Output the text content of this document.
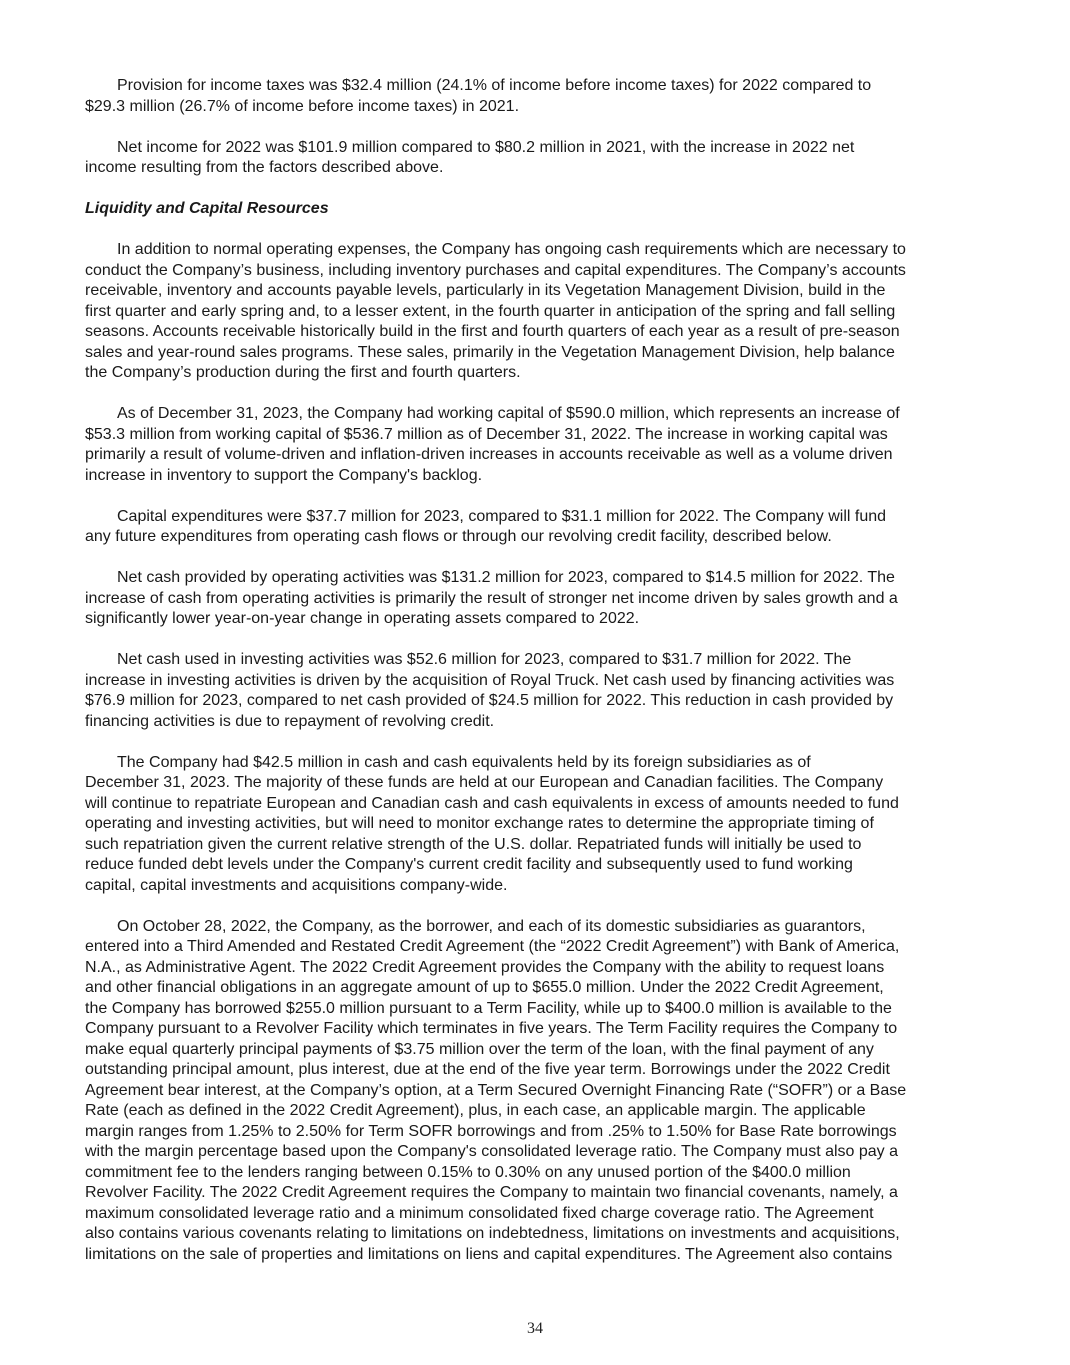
Provision for income taxes was $32.4 million (24.1% of income before income taxes) for 2022 compared to
$29.3 million (26.7% of income before income taxes) in 2021.
Net income for 2022 was $101.9 million compared to $80.2 million in 2021, with the increase in 2022 net
income resulting from the factors described above.
Liquidity and Capital Resources
In addition to normal operating expenses, the Company has ongoing cash requirements which are necessary to
conduct the Company’s business, including inventory purchases and capital expenditures. The Company’s accounts
receivable, inventory and accounts payable levels, particularly in its Vegetation Management Division, build in the
first quarter and early spring and, to a lesser extent, in the fourth quarter in anticipation of the spring and fall selling
seasons. Accounts receivable historically build in the first and fourth quarters of each year as a result of pre-season
sales and year-round sales programs. These sales, primarily in the Vegetation Management Division, help balance
the Company’s production during the first and fourth quarters.
As of December 31, 2023, the Company had working capital of $590.0 million, which represents an increase of
$53.3 million from working capital of $536.7 million as of December 31, 2022. The increase in working capital was
primarily a result of volume-driven and inflation-driven increases in accounts receivable as well as a volume driven
increase in inventory to support the Company's backlog.
Capital expenditures were $37.7 million for 2023, compared to $31.1 million for 2022. The Company will fund
any future expenditures from operating cash flows or through our revolving credit facility, described below.
Net cash provided by operating activities was $131.2 million for 2023, compared to $14.5 million for 2022. The
increase of cash from operating activities is primarily the result of stronger net income driven by sales growth and a
significantly lower year-on-year change in operating assets compared to 2022.
Net cash used in investing activities was $52.6 million for 2023, compared to $31.7 million for 2022. The
increase in investing activities is driven by the acquisition of Royal Truck. Net cash used by financing activities was
$76.9 million for 2023, compared to net cash provided of $24.5 million for 2022. This reduction in cash provided by
financing activities is due to repayment of revolving credit.
The Company had $42.5 million in cash and cash equivalents held by its foreign subsidiaries as of
December 31, 2023. The majority of these funds are held at our European and Canadian facilities. The Company
will continue to repatriate European and Canadian cash and cash equivalents in excess of amounts needed to fund
operating and investing activities, but will need to monitor exchange rates to determine the appropriate timing of
such repatriation given the current relative strength of the U.S. dollar. Repatriated funds will initially be used to
reduce funded debt levels under the Company's current credit facility and subsequently used to fund working
capital, capital investments and acquisitions company-wide.
On October 28, 2022, the Company, as the borrower, and each of its domestic subsidiaries as guarantors,
entered into a Third Amended and Restated Credit Agreement (the “2022 Credit Agreement”) with Bank of America,
N.A., as Administrative Agent. The 2022 Credit Agreement provides the Company with the ability to request loans
and other financial obligations in an aggregate amount of up to $655.0 million. Under the 2022 Credit Agreement,
the Company has borrowed $255.0 million pursuant to a Term Facility, while up to $400.0 million is available to the
Company pursuant to a Revolver Facility which terminates in five years. The Term Facility requires the Company to
make equal quarterly principal payments of $3.75 million over the term of the loan, with the final payment of any
outstanding principal amount, plus interest, due at the end of the five year term. Borrowings under the 2022 Credit
Agreement bear interest, at the Company’s option, at a Term Secured Overnight Financing Rate (“SOFR”) or a Base
Rate (each as defined in the 2022 Credit Agreement), plus, in each case, an applicable margin. The applicable
margin ranges from 1.25% to 2.50% for Term SOFR borrowings and from .25% to 1.50% for Base Rate borrowings
with the margin percentage based upon the Company's consolidated leverage ratio. The Company must also pay a
commitment fee to the lenders ranging between 0.15% to 0.30% on any unused portion of the $400.0 million
Revolver Facility. The 2022 Credit Agreement requires the Company to maintain two financial covenants, namely, a
maximum consolidated leverage ratio and a minimum consolidated fixed charge coverage ratio. The Agreement
also contains various covenants relating to limitations on indebtedness, limitations on investments and acquisitions,
limitations on the sale of properties and limitations on liens and capital expenditures. The Agreement also contains
34
